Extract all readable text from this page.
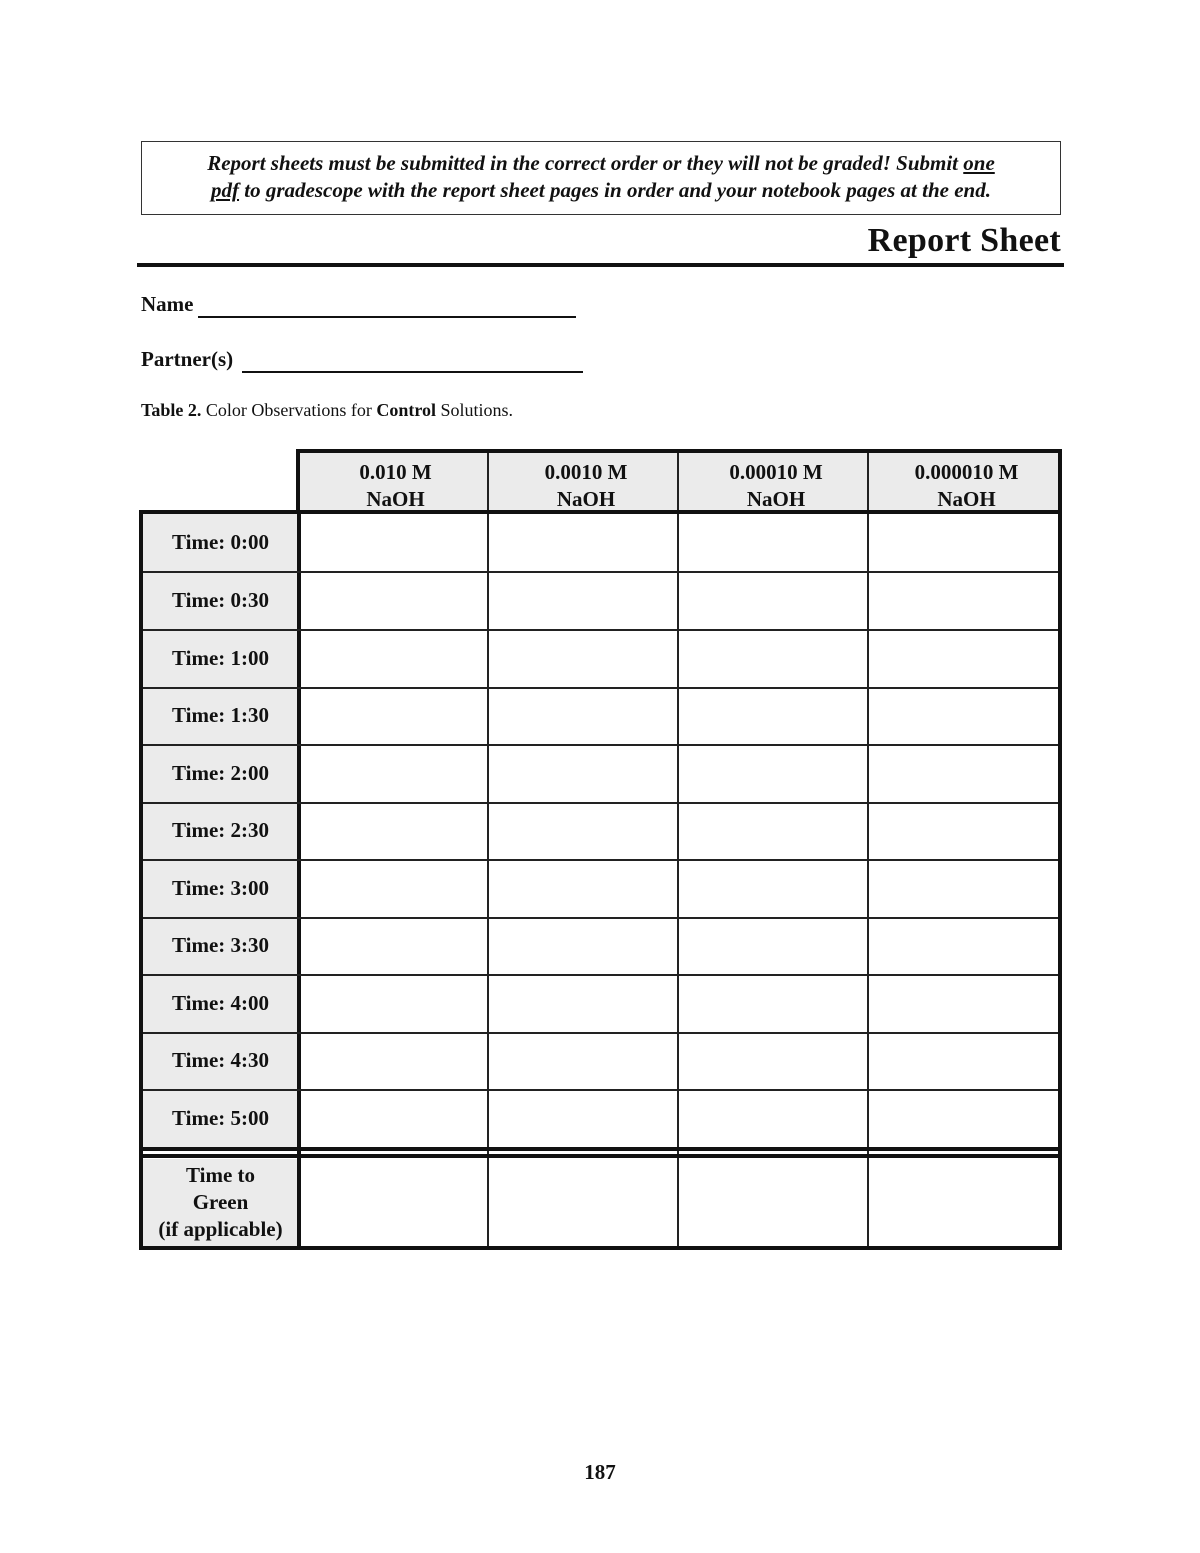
Report sheets must be submitted in the correct order or they will not be graded! Submit one
pdf to gradescope with the report sheet pages in order and your notebook pages at the end.
Report Sheet
Name
Partner(s)
Table 2. Color Observations for Control Solutions.
0.010 M
NaOH
0.0010 M
NaOH
0.00010 M
NaOH
0.000010 M
NaOH
Time: 0:00
Time: 0:30
Time: 1:00
Time: 1:30
Time: 2:00
Time: 2:30
Time: 3:00
Time: 3:30
Time: 4:00
Time: 4:30
Time: 5:00
Time to
Green
(if applicable)
187
